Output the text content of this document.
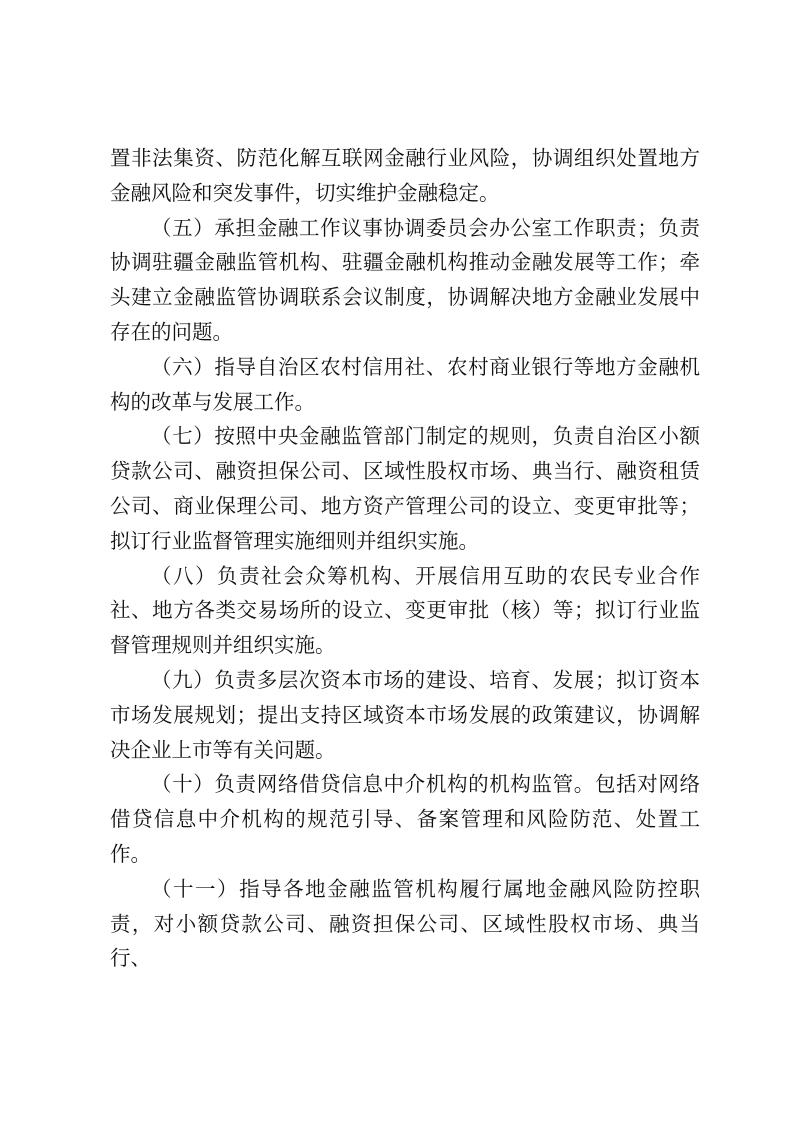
置非法集资、防范化解互联网金融行业风险，协调组织处置地方金融风险和突发事件，切实维护金融稳定。

（五）承担金融工作议事协调委员会办公室工作职责；负责协调驻疆金融监管机构、驻疆金融机构推动金融发展等工作；牵头建立金融监管协调联系会议制度，协调解决地方金融业发展中存在的问题。

（六）指导自治区农村信用社、农村商业银行等地方金融机构的改革与发展工作。

（七）按照中央金融监管部门制定的规则，负责自治区小额贷款公司、融资担保公司、区域性股权市场、典当行、融资租赁公司、商业保理公司、地方资产管理公司的设立、变更审批等；拟订行业监督管理实施细则并组织实施。

（八）负责社会众筹机构、开展信用互助的农民专业合作社、地方各类交易场所的设立、变更审批（核）等；拟订行业监督管理规则并组织实施。

（九）负责多层次资本市场的建设、培育、发展；拟订资本市场发展规划；提出支持区域资本市场发展的政策建议，协调解决企业上市等有关问题。

（十）负责网络借贷信息中介机构的机构监管。包括对网络借贷信息中介机构的规范引导、备案管理和风险防范、处置工作。

（十一）指导各地金融监管机构履行属地金融风险防控职责，对小额贷款公司、融资担保公司、区域性股权市场、典当行、
